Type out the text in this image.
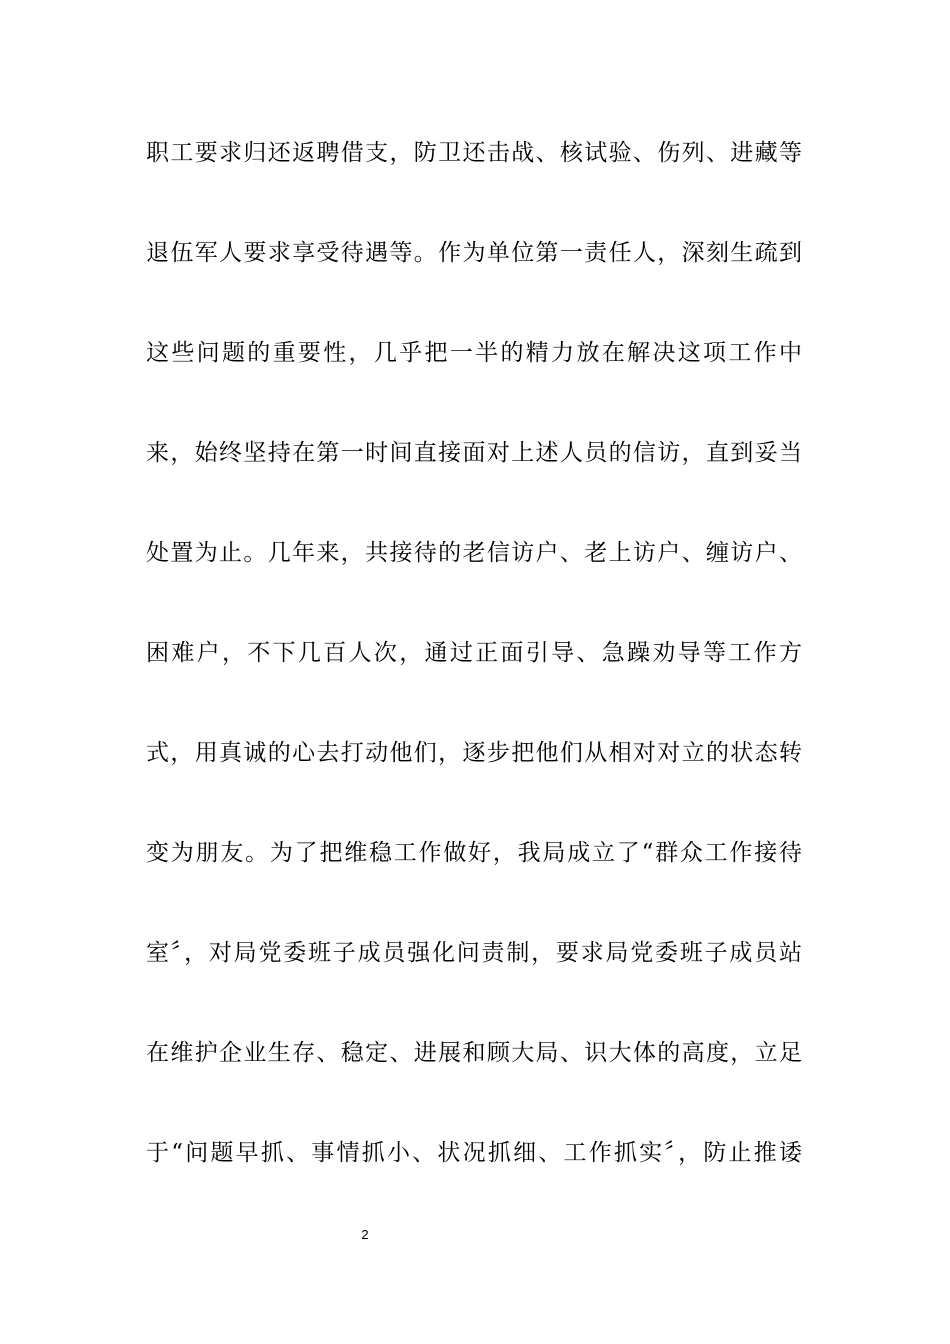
职工要求归还返聘借支，防卫还击战、核试验、伤列、进藏等
退伍军人要求享受待遇等。作为单位第一责任人，深刻生疏到
这些问题的重要性，几乎把一半的精力放在解决这项工作中
来，始终坚持在第一时间直接面对上述人员的信访，直到妥当
处置为止。几年来，共接待的老信访户、老上访户、缠访户、
困难户，不下几百人次，通过正面引导、急躁劝导等工作方
式，用真诚的心去打动他们，逐步把他们从相对对立的状态转
变为朋友。为了把维稳工作做好，我局成立了“群众工作接待
室〞，对局党委班子成员强化问责制，要求局党委班子成员站
在维护企业生存、稳定、进展和顾大局、识大体的高度，立足
于“问题早抓、事情抓小、状况抓细、工作抓实〞，防止推诿
2
